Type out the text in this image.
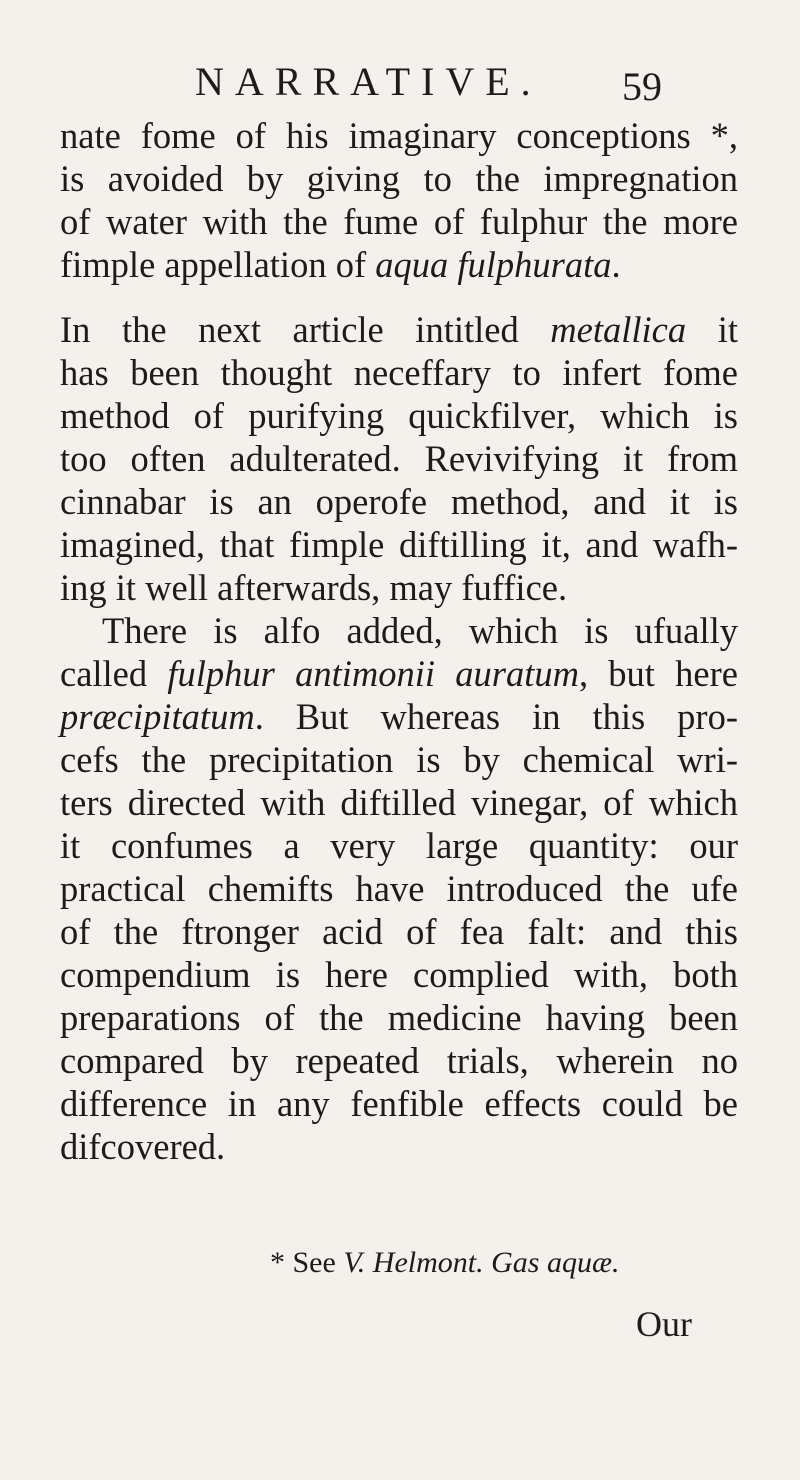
NARRATIVE. 59
nate fome of his imaginary conceptions *,
is avoided by giving to the impregnation
of water with the fume of fulphur the more
fimple appellation of aqua fulphurata.
In the next article intitled metallica it
has been thought neceffary to infert fome
method of purifying quickfilver, which is
too often adulterated. Revivifying it from
cinnabar is an operofe method, and it is
imagined, that fimple diftilling it, and wafh-
ing it well afterwards, may fuffice.
There is alfo added, which is ufually
called fulphur antimonii auratum, but here
præcipitatum. But whereas in this pro-
cefs the precipitation is by chemical wri-
ters directed with diftilled vinegar, of which
it confumes a very large quantity: our
practical chemifts have introduced the ufe
of the ftronger acid of fea falt: and this
compendium is here complied with, both
preparations of the medicine having been
compared by repeated trials, wherein no
difference in any fenfible effects could be
difcovered.
* See V. Helmont. Gas aquæ.
Our
